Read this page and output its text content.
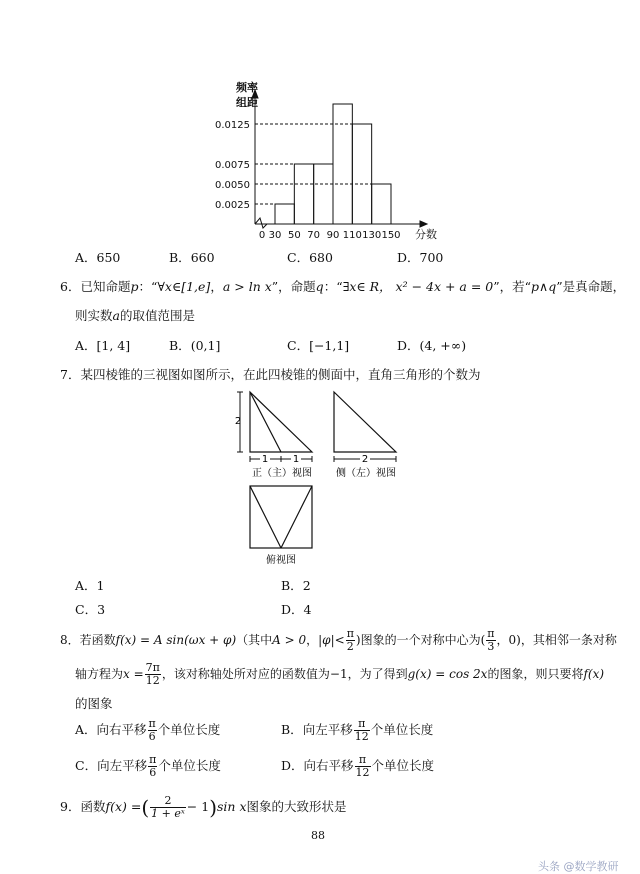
0.0125
0.0075
0.0050
0.0025
0 30 50 70 90 110 130 150 分数
频率
组距
A．650	B．660	C．680	D．700
6．已知命题p：“∀x∈[1,e]，a > ln x”，命题q：“∃x∈ R， x² − 4x + a = 0”，若“p∧q”是真命题，
则实数a的取值范围是
A．[1, 4]	B．(0,1]	C．[−1,1]	D．(4, +∞)
7．某四棱锥的三视图如图所示，在此四棱锥的侧面中，直角三角形的个数为
2
1 1
正（主）视图
2
侧（左）视图
俯视图
A．1	B．2
C．3	D．4
8．若函数f(x) = A sin(ωx + φ)（其中A > 0，$|\varphi|< \frac{\pi}{2}$ )图象的一个对称中心为( $\frac{\pi}{3}$ ，0)，其相邻一条对称
轴方程为$x = \frac{7\pi}{12}$ ，该对称轴处所对应的函数值为−1，为了得到g(x) = cos 2x的图象，则只要将f(x)
的图象
A．向右平移 $\frac{\pi}{6}$ 个单位长度	B．向左平移 $\frac{\pi}{12}$ 个单位长度
C．向左平移 $\frac{\pi}{6}$ 个单位长度	D．向右平移 $\frac{\pi}{12}$ 个单位长度
9．函数f(x) =( $\frac{2}{\text{1 + eˣ}} - 1)\sin$ x图象的大致形状是
88
头条 @数学教研
